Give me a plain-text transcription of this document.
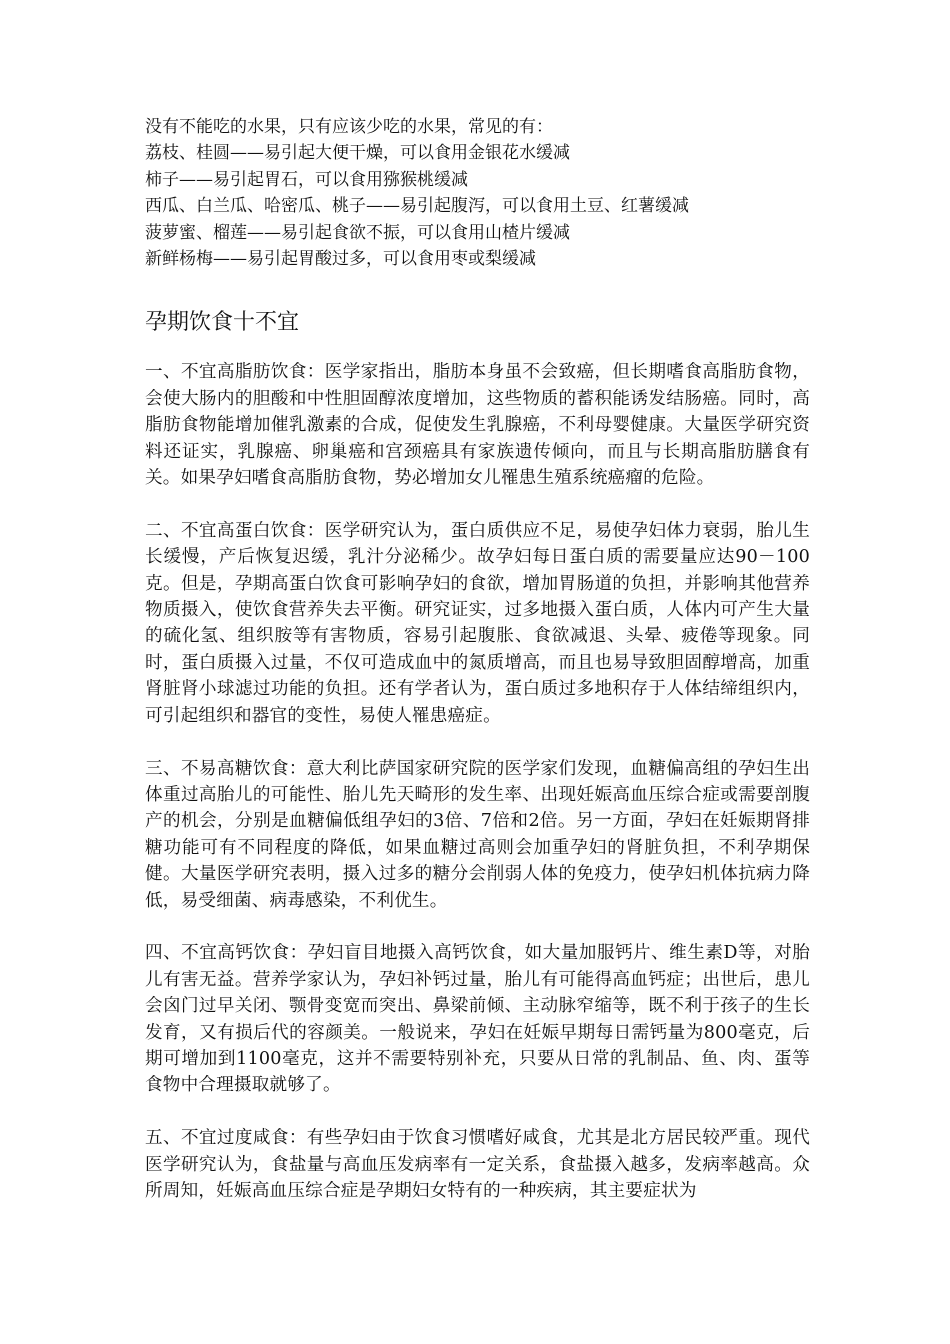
没有不能吃的水果，只有应该少吃的水果，常见的有：
荔枝、桂圆——易引起大便干燥，可以食用金银花水缓减
柿子——易引起胃石，可以食用猕猴桃缓减
西瓜、白兰瓜、哈密瓜、桃子——易引起腹泻，可以食用土豆、红薯缓减
菠萝蜜、榴莲——易引起食欲不振，可以食用山楂片缓减
新鲜杨梅——易引起胃酸过多，可以食用枣或梨缓减
孕期饮食十不宜

一、不宜高脂肪饮食：医学家指出，脂肪本身虽不会致癌，但长期嗜食高脂肪食物，会使大肠内的胆酸和中性胆固醇浓度增加，这些物质的蓄积能诱发结肠癌。同时，高脂肪食物能增加催乳激素的合成，促使发生乳腺癌，不利母婴健康。大量医学研究资料还证实，乳腺癌、卵巢癌和宫颈癌具有家族遗传倾向，而且与长期高脂肪膳食有关。如果孕妇嗜食高脂肪食物，势必增加女儿罹患生殖系统癌瘤的危险。

二、不宜高蛋白饮食：医学研究认为，蛋白质供应不足，易使孕妇体力衰弱，胎儿生长缓慢，产后恢复迟缓，乳汁分泌稀少。故孕妇每日蛋白质的需要量应达90－100克。但是，孕期高蛋白饮食可影响孕妇的食欲，增加胃肠道的负担，并影响其他营养物质摄入，使饮食营养失去平衡。研究证实，过多地摄入蛋白质，人体内可产生大量的硫化氢、组织胺等有害物质，容易引起腹胀、食欲减退、头晕、疲倦等现象。同时，蛋白质摄入过量，不仅可造成血中的氮质增高，而且也易导致胆固醇增高，加重肾脏肾小球滤过功能的负担。还有学者认为，蛋白质过多地积存于人体结缔组织内，可引起组织和器官的变性，易使人罹患癌症。

三、不易高糖饮食：意大利比萨国家研究院的医学家们发现，血糖偏高组的孕妇生出体重过高胎儿的可能性、胎儿先天畸形的发生率、出现妊娠高血压综合症或需要剖腹产的机会，分别是血糖偏低组孕妇的3倍、7倍和2倍。另一方面，孕妇在妊娠期肾排糖功能可有不同程度的降低，如果血糖过高则会加重孕妇的肾脏负担，不利孕期保健。大量医学研究表明，摄入过多的糖分会削弱人体的免疫力，使孕妇机体抗病力降低，易受细菌、病毒感染，不利优生。

四、不宜高钙饮食：孕妇盲目地摄入高钙饮食，如大量加服钙片、维生素D等，对胎儿有害无益。营养学家认为，孕妇补钙过量，胎儿有可能得高血钙症；出世后，患儿会囟门过早关闭、颚骨变宽而突出、鼻梁前倾、主动脉窄缩等，既不利于孩子的生长发育，又有损后代的容颜美。一般说来，孕妇在妊娠早期每日需钙量为800毫克，后期可增加到1100毫克，这并不需要特别补充，只要从日常的乳制品、鱼、肉、蛋等食物中合理摄取就够了。

五、不宜过度咸食：有些孕妇由于饮食习惯嗜好咸食，尤其是北方居民较严重。现代医学研究认为，食盐量与高血压发病率有一定关系，食盐摄入越多，发病率越高。众所周知，妊娠高血压综合症是孕期妇女特有的一种疾病，其主要症状为
